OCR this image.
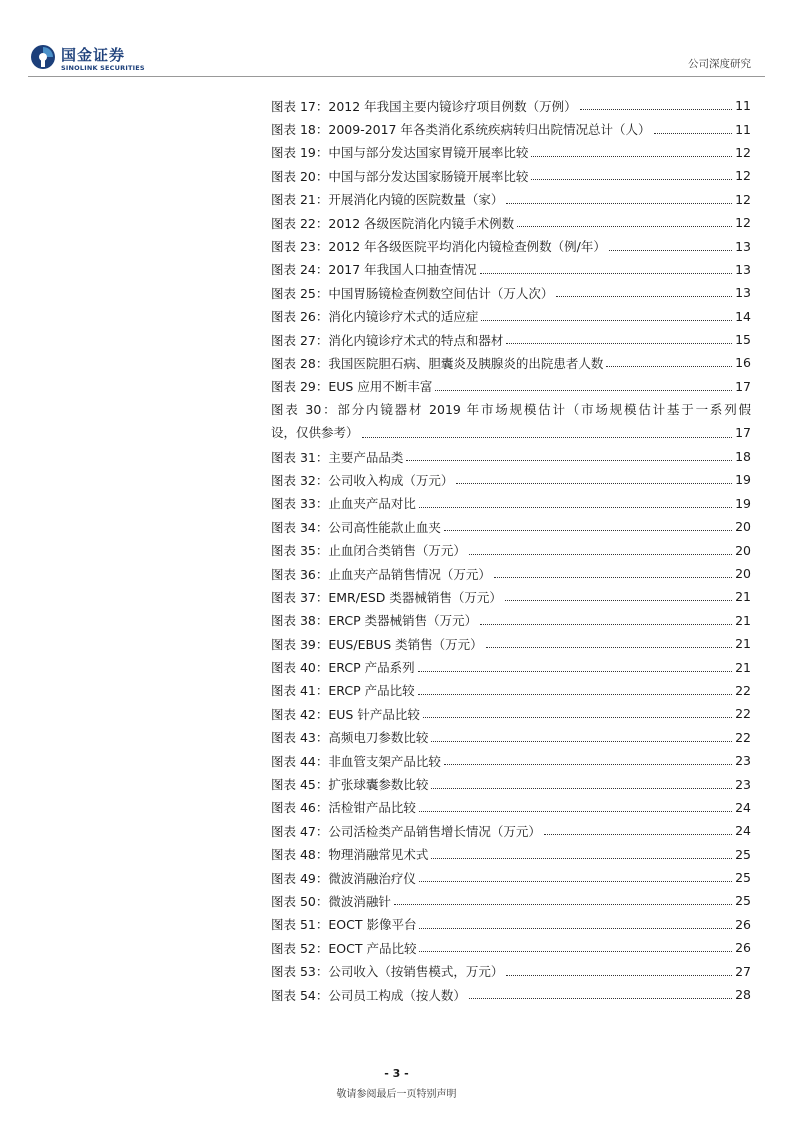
国金证券
SINOLINK SECURITIES	公司深度研究
图表 17：2012 年我国主要内镜诊疗项目例数（万例）	11
图表 18：2009-2017 年各类消化系统疾病转归出院情况总计（人）	11
图表 19：中国与部分发达国家胃镜开展率比较	12
图表 20：中国与部分发达国家肠镜开展率比较	12
图表 21：开展消化内镜的医院数量（家）	12
图表 22：2012 各级医院消化内镜手术例数	12
图表 23：2012 年各级医院平均消化内镜检查例数（例/年）	13
图表 24：2017 年我国人口抽查情况	13
图表 25：中国胃肠镜检查例数空间估计（万人次）	13
图表 26：消化内镜诊疗术式的适应症	14
图表 27：消化内镜诊疗术式的特点和器材	15
图表 28：我国医院胆石病、胆囊炎及胰腺炎的出院患者人数	16
图表 29：EUS 应用不断丰富	17
图表 30：部分内镜器材 2019 年市场规模估计（市场规模估计基于一系列假
设，仅供参考）	17
图表 31：主要产品品类	18
图表 32：公司收入构成（万元）	19
图表 33：止血夹产品对比	19
图表 34：公司高性能款止血夹	20
图表 35：止血闭合类销售（万元）	20
图表 36：止血夹产品销售情况（万元）	20
图表 37：EMR/ESD 类器械销售（万元）	21
图表 38：ERCP 类器械销售（万元）	21
图表 39：EUS/EBUS 类销售（万元）	21
图表 40：ERCP 产品系列	21
图表 41：ERCP 产品比较	22
图表 42：EUS 针产品比较	22
图表 43：高频电刀参数比较	22
图表 44：非血管支架产品比较	23
图表 45：扩张球囊参数比较	23
图表 46：活检钳产品比较	24
图表 47：公司活检类产品销售增长情况（万元）	24
图表 48：物理消融常见术式	25
图表 49：微波消融治疗仪	25
图表 50：微波消融针	25
图表 51：EOCT 影像平台	26
图表 52：EOCT 产品比较	26
图表 53：公司收入（按销售模式，万元）	27
图表 54：公司员工构成（按人数）	28
- 3 -
敬请参阅最后一页特别声明
